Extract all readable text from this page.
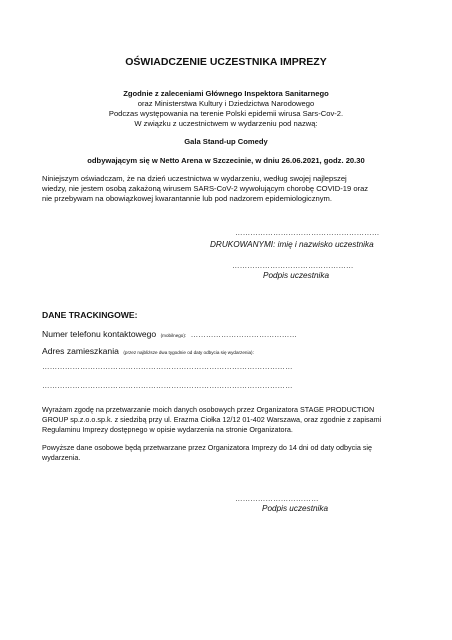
OŚWIADCZENIE UCZESTNIKA IMPREZY
Zgodnie z zaleceniami Głównego Inspektora Sanitarnego
oraz Ministerstwa Kultury i Dziedzictwa Narodowego
Podczas występowania na terenie Polski epidemii wirusa Sars-Cov-2.
W związku z uczestnictwem w wydarzeniu pod nazwą:
Gala Stand-up Comedy
odbywającym się w Netto Arena w Szczecinie, w dniu 26.06.2021, godz. 20.30
Niniejszym oświadczam, że na dzień uczestnictwa w wydarzeniu, według swojej najlepszej
wiedzy, nie jestem osobą zakażoną wirusem SARS-CoV-2 wywołującym chorobę COVID-19 oraz
nie przebywam na obowiązkowej kwarantannie lub pod nadzorem epidemiologicznym.
…………………………………………………
DRUKOWANYMI: imię i nazwisko uczestnika
…………………………………………
Podpis uczestnika
DANE TRACKINGOWE:
Numer telefonu kontaktowego (mobilnego): ……………………………………
Adres zamieszkania (przez najbliższe dwa tygodnie od daty odbycia się wydarzenia):
………………………………………………………………………………………
………………………………………………………………………………………
Wyrażam zgodę na przetwarzanie moich danych osobowych przez Organizatora STAGE PRODUCTION
GROUP sp.z.o.o.sp.k. z siedzibą przy ul. Erazma Ciołka 12/12 01-402 Warszawa, oraz zgodnie z zapisami
Regulaminu Imprezy dostępnego w opisie wydarzenia na stronie Organizatora.
Powyższe dane osobowe będą przetwarzane przez Organizatora Imprezy do 14 dni od daty odbycia się
wydarzenia.
……………………………
Podpis uczestnika
